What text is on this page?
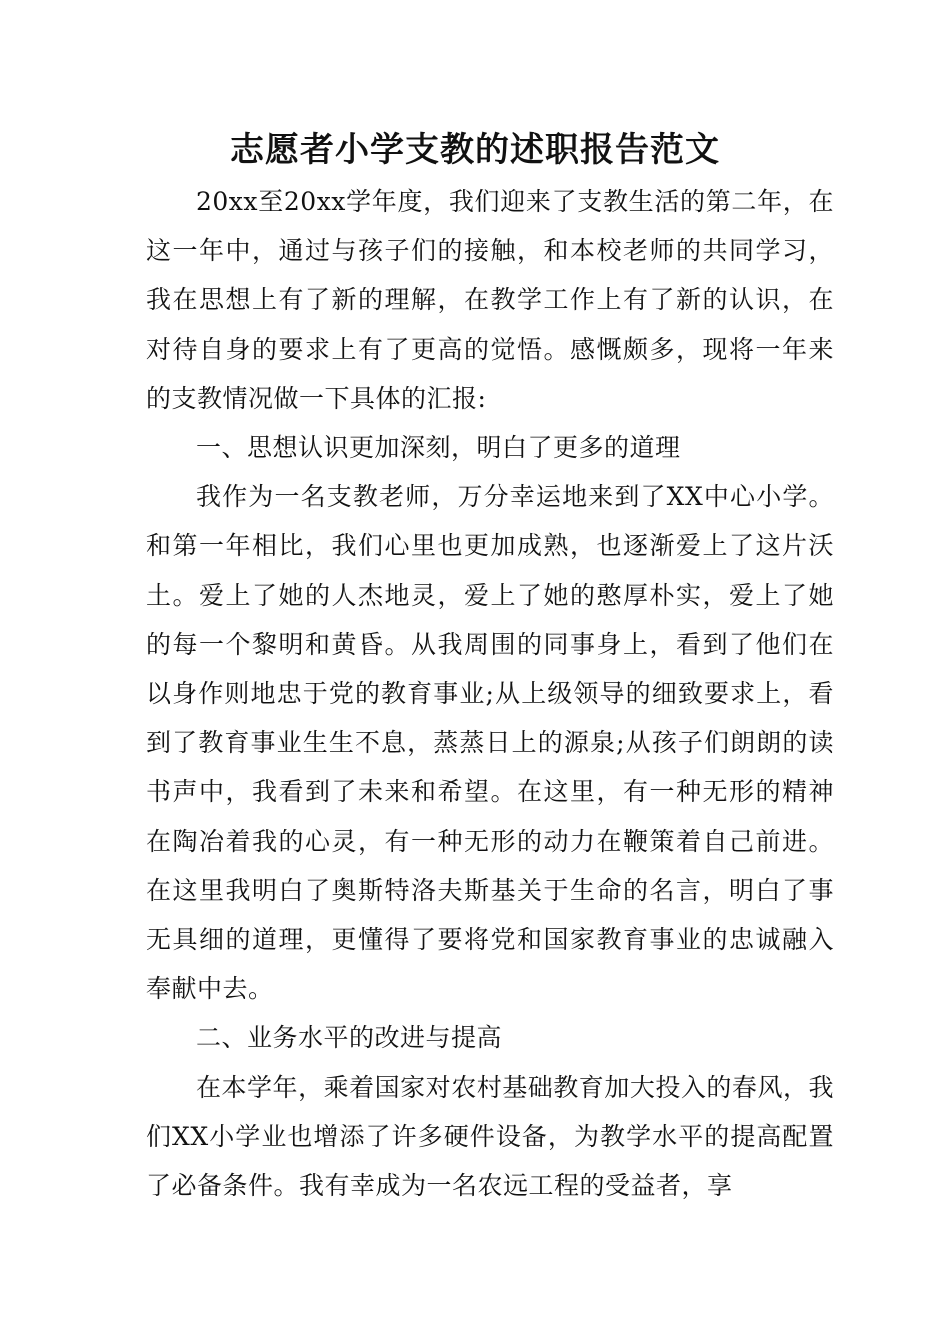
志愿者小学支教的述职报告范文

20xx至20xx学年度，我们迎来了支教生活的第二年，在这一年中，通过与孩子们的接触，和本校老师的共同学习，我在思想上有了新的理解，在教学工作上有了新的认识，在对待自身的要求上有了更高的觉悟。感慨颇多，现将一年来的支教情况做一下具体的汇报:

一、思想认识更加深刻，明白了更多的道理

我作为一名支教老师，万分幸运地来到了XX中心小学。和第一年相比，我们心里也更加成熟，也逐渐爱上了这片沃土。爱上了她的人杰地灵，爱上了她的憨厚朴实，爱上了她的每一个黎明和黄昏。从我周围的同事身上，看到了他们在以身作则地忠于党的教育事业;从上级领导的细致要求上，看到了教育事业生生不息，蒸蒸日上的源泉;从孩子们朗朗的读书声中，我看到了未来和希望。在这里，有一种无形的精神在陶冶着我的心灵，有一种无形的动力在鞭策着自己前进。在这里我明白了奥斯特洛夫斯基关于生命的名言，明白了事无具细的道理，更懂得了要将党和国家教育事业的忠诚融入奉献中去。

二、业务水平的改进与提高

在本学年，乘着国家对农村基础教育加大投入的春风，我们XX小学业也增添了许多硬件设备，为教学水平的提高配置了必备条件。我有幸成为一名农远工程的受益者，享
